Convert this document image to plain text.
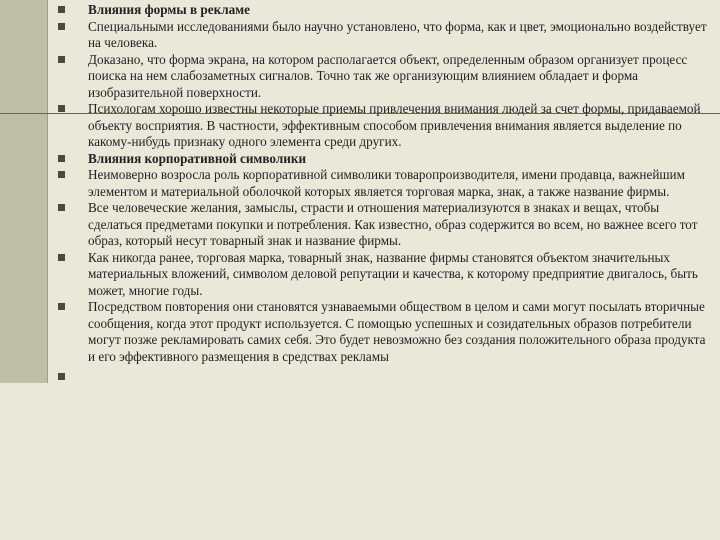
Влияния формы в рекламе
Специальными исследованиями было научно установлено, что форма, как и цвет, эмоционально воздействует на человека.
Доказано, что форма экрана, на котором располагается объект, определенным образом организует процесс поиска на нем слабозаметных сигналов. Точно так же организующим влиянием обладает и форма изобразительной поверхности.
Психологам хорошо известны некоторые приемы привлечения внимания людей за счет формы, придаваемой объекту восприятия. В частности, эффективным способом привлечения внимания является выделение по какому-нибудь признаку одного элемента среди других.
Влияния корпоративной символики
Неимоверно возросла роль корпоративной символики товаропроизводителя, имени продавца, важнейшим элементом и материальной оболочкой которых является торговая марка, знак, а также название фирмы.
Все человеческие желания, замыслы, страсти и отношения материализуются в знаках и вещах, чтобы сделаться предметами покупки и потребления. Как известно, образ содержится во всем, но важнее всего тот образ, который несут товарный знак и название фирмы.
Как никогда ранее, торговая марка, товарный знак, название фирмы становятся объектом значительных материальных вложений, символом деловой репутации и качества, к которому предприятие двигалось, быть может, многие годы.
Посредством повторения они становятся узнаваемыми обществом в целом и сами могут посылать вторичные сообщения, когда этот продукт используется. С помощью успешных и созидательных образов потребители могут позже рекламировать самих себя. Это будет невозможно без создания положительного образа продукта и его эффективного размещения в средствах рекламы
